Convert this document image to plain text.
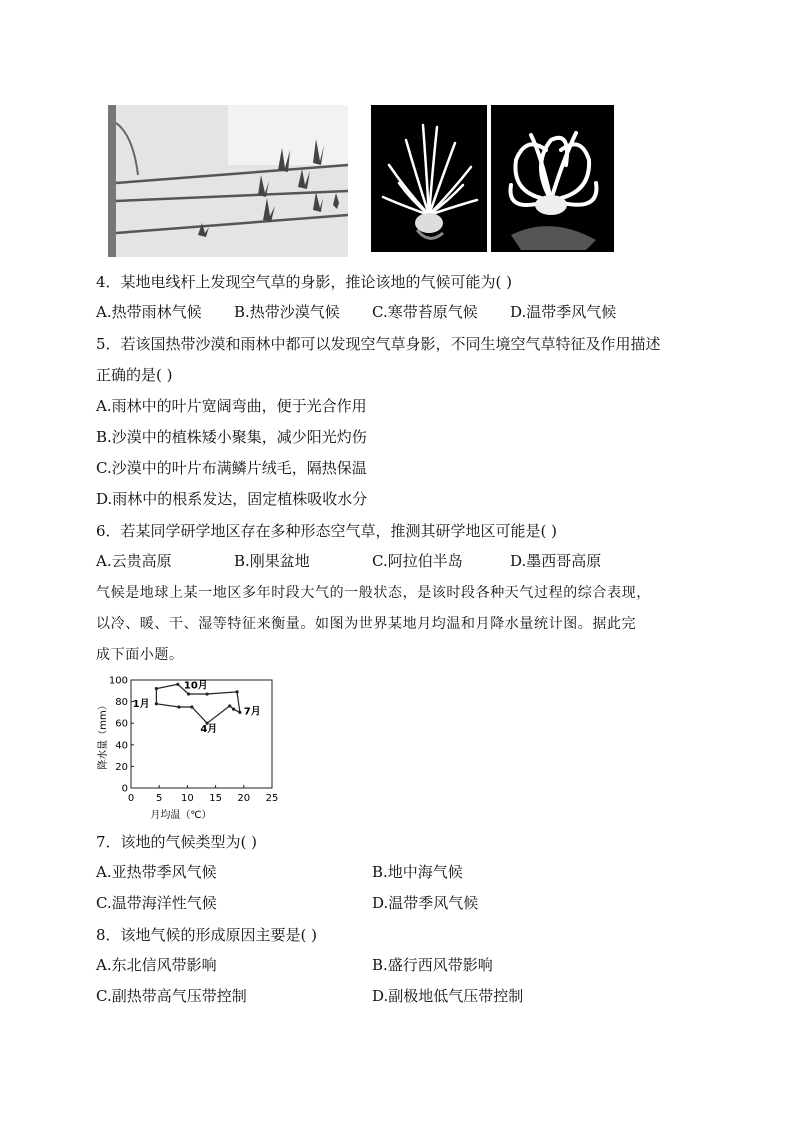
4．某地电线杆上发现空气草的身影，推论该地的气候可能为( )
A.热带雨林气候 B.热带沙漠气候 C.寒带苔原气候 D.温带季风气候
5．若该国热带沙漠和雨林中都可以发现空气草身影，不同生境空气草特征及作用描述
正确的是( )
A.雨林中的叶片宽阔弯曲，便于光合作用
B.沙漠中的植株矮小聚集，减少阳光灼伤
C.沙漠中的叶片布满鳞片绒毛，隔热保温
D.雨林中的根系发达，固定植株吸收水分
6．若某同学研学地区存在多种形态空气草，推测其研学地区可能是( )
A.云贵高原	B.刚果盆地	C.阿拉伯半岛	D.墨西哥高原
气候是地球上某一地区多年时段大气的一般状态，是该时段各种天气过程的综合表现，
以冷、暖、干、湿等特征来衡量。如图为世界某地月均温和月降水量统计图。据此完
成下面小题。
0 5 10 15 20 25
0
20
40
60
80
100
1月
10月
4月
7月
月均温（℃）
降水量（mm）
7．该地的气候类型为( )
A.亚热带季风气候	B.地中海气候
C.温带海洋性气候	D.温带季风气候
8．该地气候的形成原因主要是( )
A.东北信风带影响	B.盛行西风带影响
C.副热带高气压带控制	D.副极地低气压带控制
